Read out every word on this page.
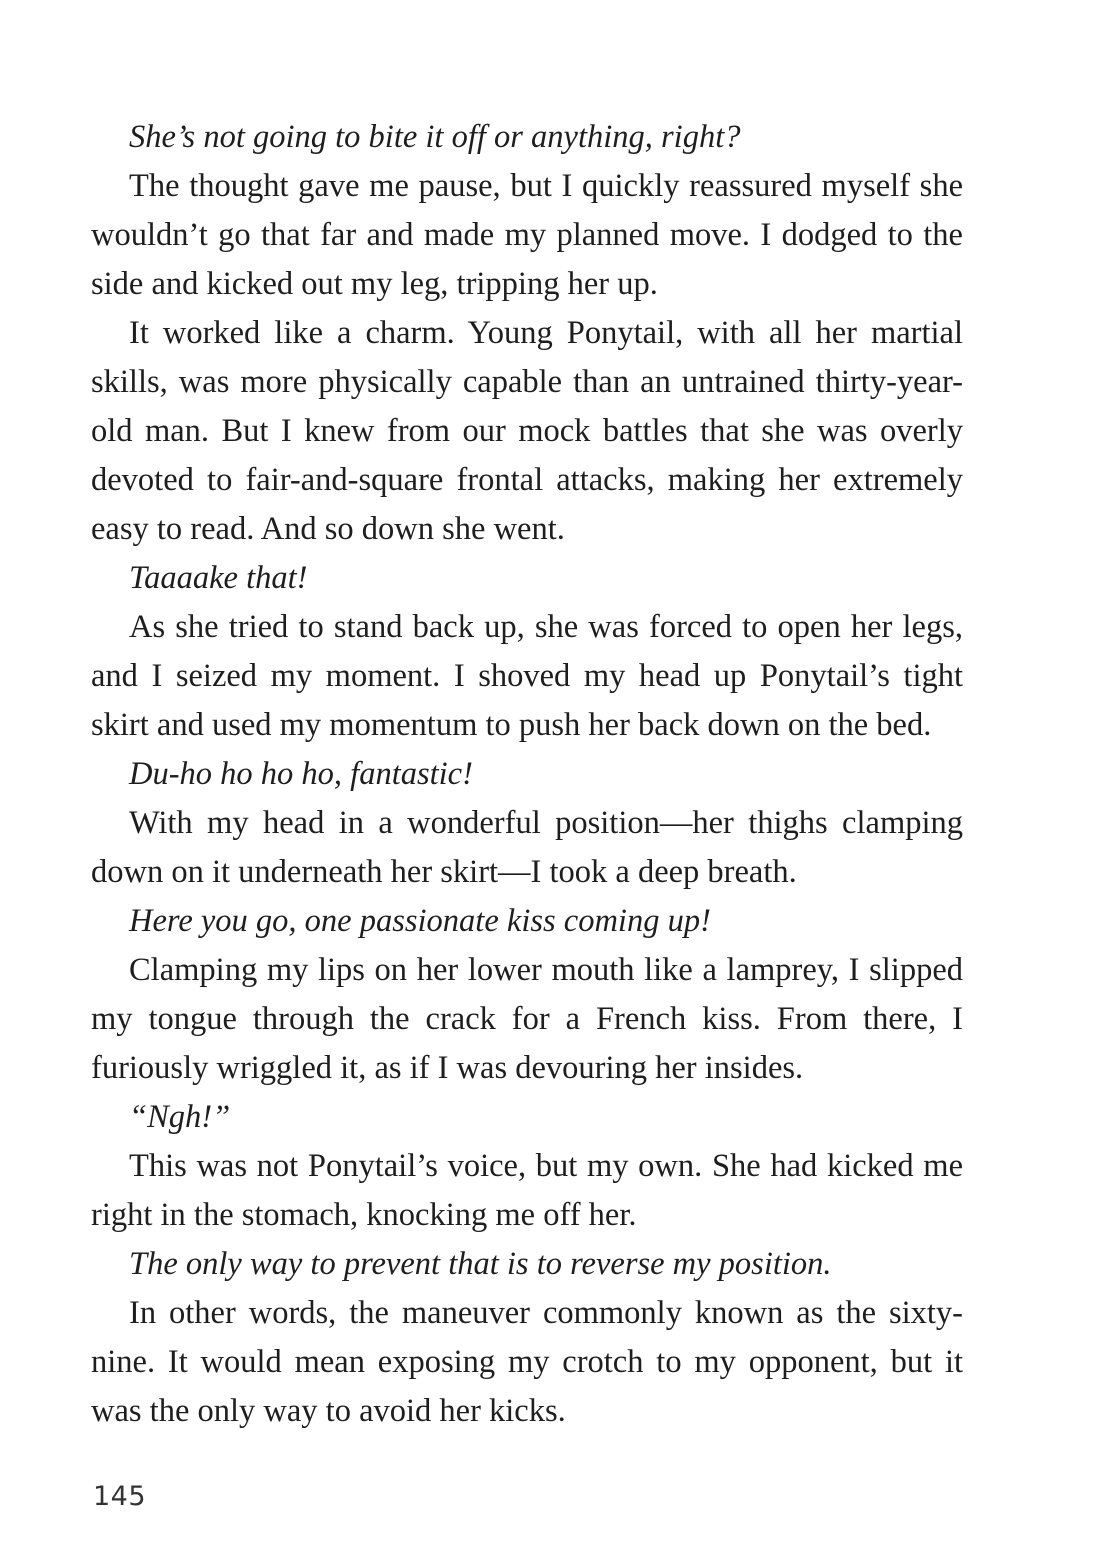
She’s not going to bite it off or anything, right?

The thought gave me pause, but I quickly reassured myself she wouldn’t go that far and made my planned move. I dodged to the side and kicked out my leg, tripping her up.

It worked like a charm. Young Ponytail, with all her martial skills, was more physically capable than an untrained thirty-year-old man. But I knew from our mock battles that she was overly devoted to fair-and-square frontal attacks, making her extremely easy to read. And so down she went.

Taaaake that!

As she tried to stand back up, she was forced to open her legs, and I seized my moment. I shoved my head up Ponytail’s tight skirt and used my momentum to push her back down on the bed.

Du-ho ho ho ho, fantastic!

With my head in a wonderful position—her thighs clamping down on it underneath her skirt—I took a deep breath.

Here you go, one passionate kiss coming up!

Clamping my lips on her lower mouth like a lamprey, I slipped my tongue through the crack for a French kiss. From there, I furiously wriggled it, as if I was devouring her insides.

“Ngh!”

This was not Ponytail’s voice, but my own. She had kicked me right in the stomach, knocking me off her.

The only way to prevent that is to reverse my position.

In other words, the maneuver commonly known as the sixty-nine. It would mean exposing my crotch to my opponent, but it was the only way to avoid her kicks.

145
